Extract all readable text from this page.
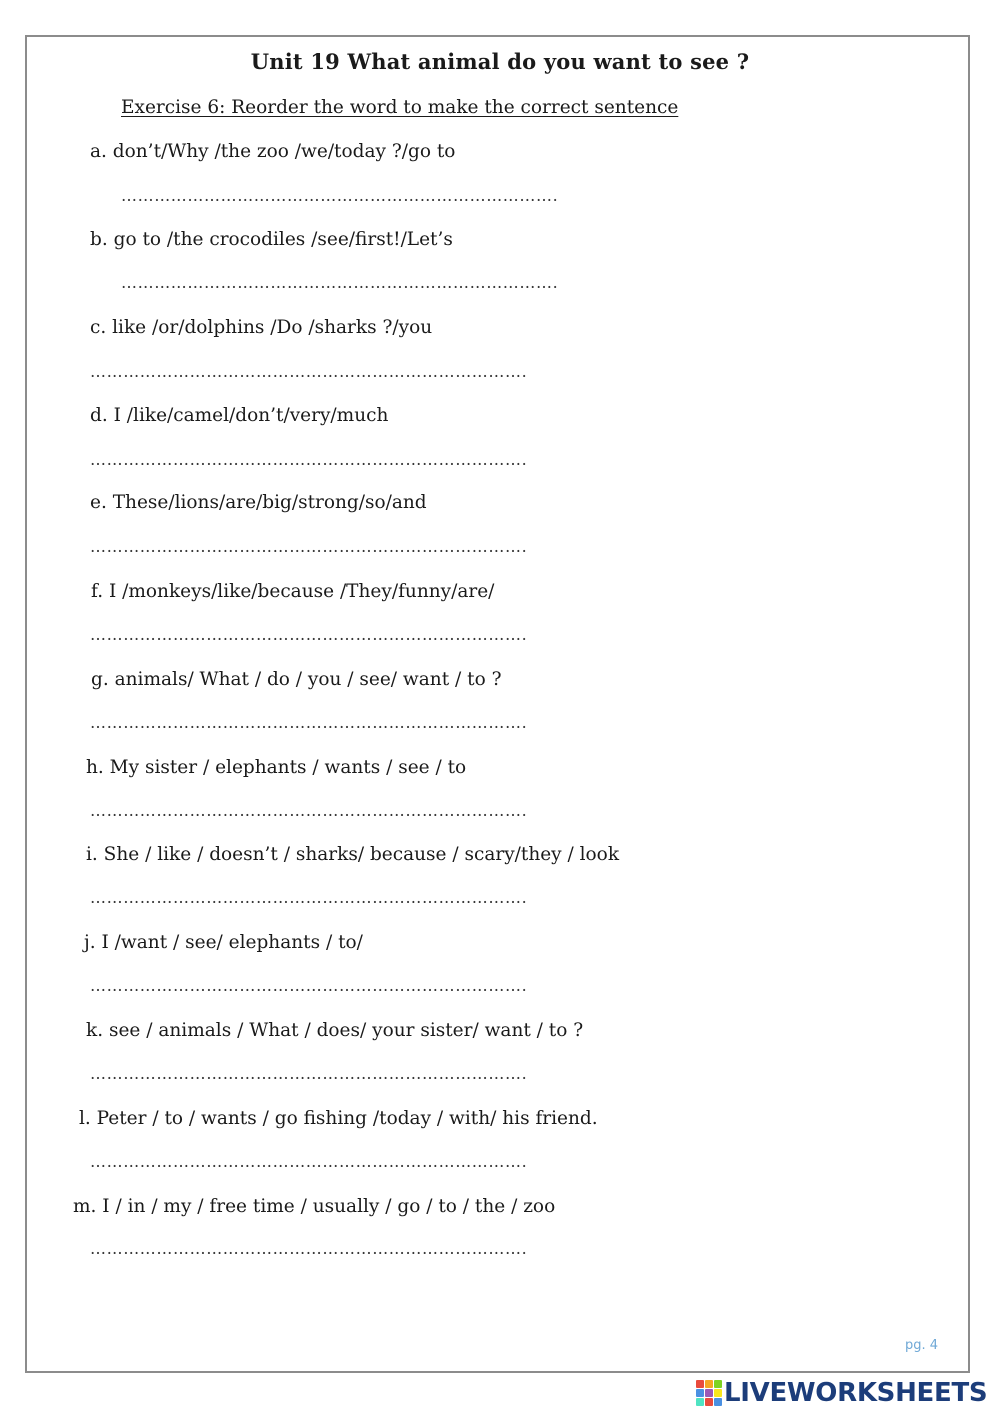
Unit 19 What animal do you want to see ?
Exercise 6: Reorder the word to make the correct sentence
a. don’t/Why /the zoo /we/today ?/go to
…………………………………………………………………….
b. go to /the crocodiles /see/first!/Let’s
…………………………………………………………………….
c. like /or/dolphins /Do /sharks ?/you
…………………………………………………………………….
d. I /like/camel/don’t/very/much
…………………………………………………………………….
e. These/lions/are/big/strong/so/and
…………………………………………………………………….
f. I /monkeys/like/because /They/funny/are/
…………………………………………………………………….
g. animals/ What / do / you / see/ want / to ?
…………………………………………………………………….
h. My sister / elephants / wants / see / to
…………………………………………………………………….
i. She / like / doesn’t / sharks/ because / scary/they / look
…………………………………………………………………….
j. I /want / see/ elephants / to/
…………………………………………………………………….
k. see / animals / What / does/ your sister/ want / to ?
…………………………………………………………………….
l. Peter / to / wants / go fishing /today / with/ his friend.
…………………………………………………………………….
m. I / in / my / free time / usually / go / to / the / zoo
…………………………………………………………………….
pg. 4
LIVEWORKSHEETS
